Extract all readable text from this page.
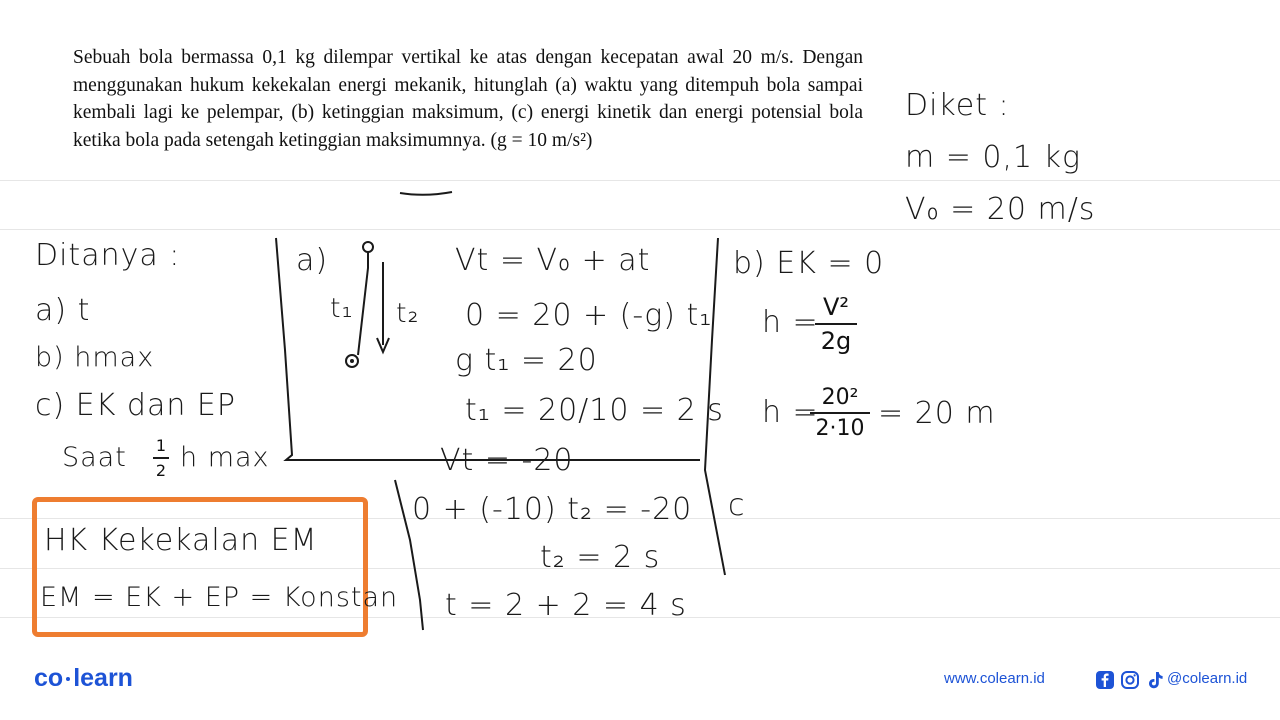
Sebuah bola bermassa 0,1 kg dilempar vertikal ke atas dengan kecepatan awal 20 m/s. Dengan menggunakan hukum kekekalan energi mekanik, hitunglah (a) waktu yang ditempuh bola sampai kembali lagi ke pelempar, (b) ketinggian maksimum, (c) energi kinetik dan energi potensial bola ketika bola pada setengah ketinggian maksimumnya. (g = 10 m/s²)

Diket :
m = 0,1 kg
V₀ = 20 m/s
Ditanya :
a) t
b) hmax
c) EK dan EP
Saat 1
2 h max
HK Kekekalan EM
EM = EK + EP = Konstan
a)
t₁ t₂
Vt = V₀ + at
0 = 20 + (-g) t₁
g t₁ = 20
t₁ = 20/10 = 2 s
Vt = -20
0 + (-10) t₂ = -20
t₂ = 2 s
t = 2 + 2 = 4 s
b) EK = 0
h = V²
2g
h = 20²
2·10 = 20 m
c
co learn	www.colearn.id	@colearn.id
